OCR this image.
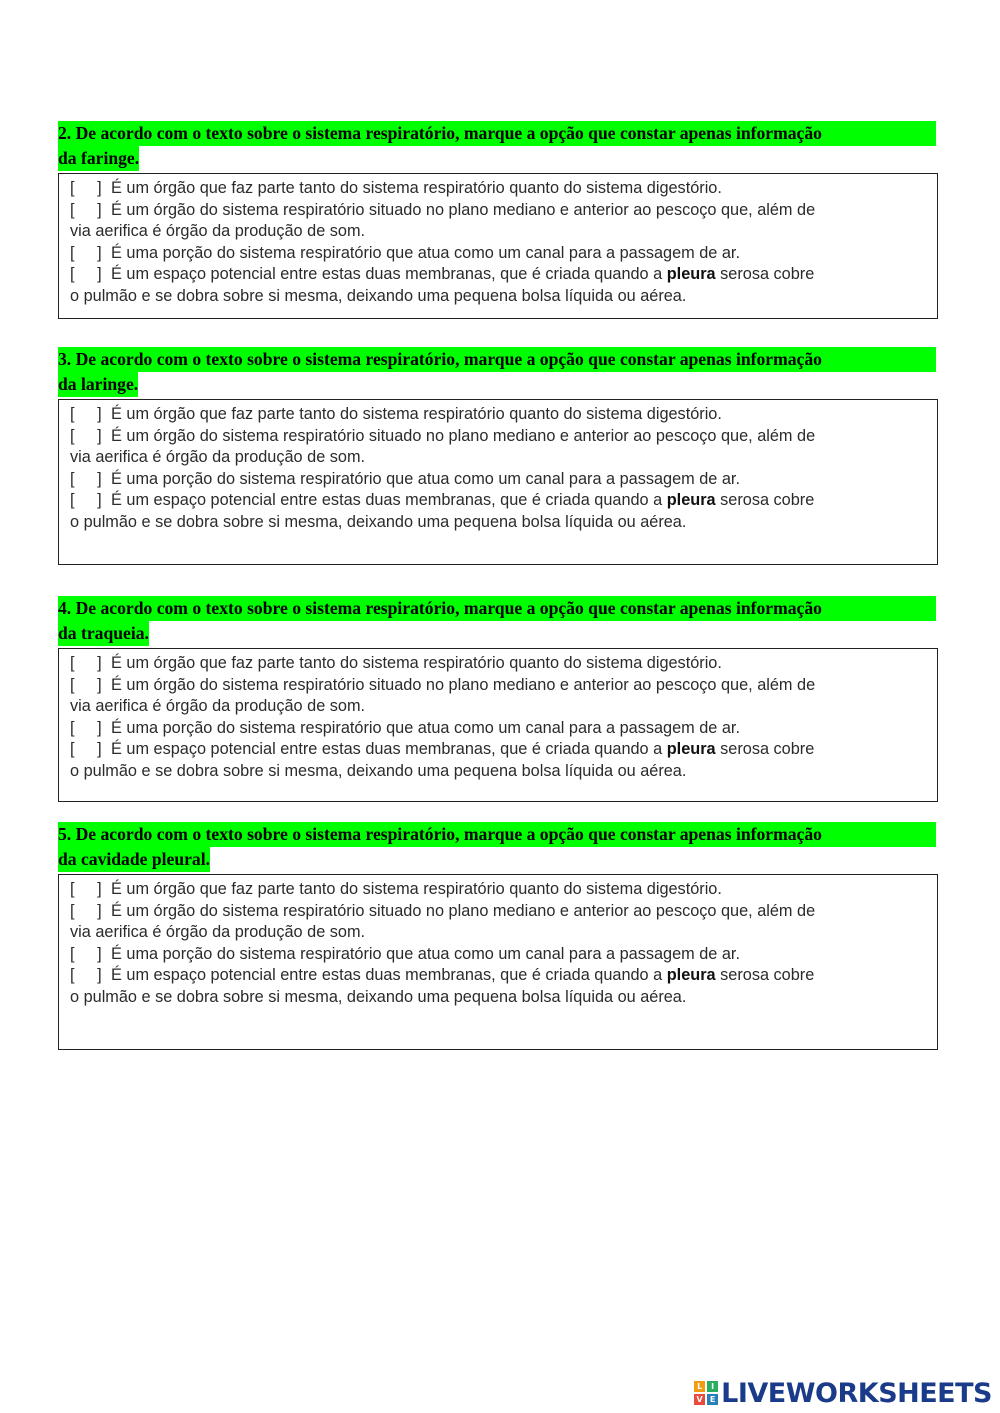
2. De acordo com o texto sobre o sistema respiratório, marque a opção que constar apenas informação
da faringe.
[     ] É um órgão que faz parte tanto do sistema respiratório quanto do sistema digestório.
[     ] É um órgão do sistema respiratório situado no plano mediano e anterior ao pescoço que, além de
via aerifica é órgão da produção de som.
[     ] É uma porção do sistema respiratório que atua como um canal para a passagem de ar.
[     ] É um espaço potencial entre estas duas membranas, que é criada quando a pleura serosa cobre
o pulmão e se dobra sobre si mesma, deixando uma pequena bolsa líquida ou aérea.
3. De acordo com o texto sobre o sistema respiratório, marque a opção que constar apenas informação
da laringe.
[     ] É um órgão que faz parte tanto do sistema respiratório quanto do sistema digestório.
[     ] É um órgão do sistema respiratório situado no plano mediano e anterior ao pescoço que, além de
via aerifica é órgão da produção de som.
[     ] É uma porção do sistema respiratório que atua como um canal para a passagem de ar.
[     ] É um espaço potencial entre estas duas membranas, que é criada quando a pleura serosa cobre
o pulmão e se dobra sobre si mesma, deixando uma pequena bolsa líquida ou aérea.
4. De acordo com o texto sobre o sistema respiratório, marque a opção que constar apenas informação
da traqueia.
[     ] É um órgão que faz parte tanto do sistema respiratório quanto do sistema digestório.
[     ] É um órgão do sistema respiratório situado no plano mediano e anterior ao pescoço que, além de
via aerifica é órgão da produção de som.
[     ] É uma porção do sistema respiratório que atua como um canal para a passagem de ar.
[     ] É um espaço potencial entre estas duas membranas, que é criada quando a pleura serosa cobre
o pulmão e se dobra sobre si mesma, deixando uma pequena bolsa líquida ou aérea.
5. De acordo com o texto sobre o sistema respiratório, marque a opção que constar apenas informação
da cavidade pleural.
[     ] É um órgão que faz parte tanto do sistema respiratório quanto do sistema digestório.
[     ] É um órgão do sistema respiratório situado no plano mediano e anterior ao pescoço que, além de
via aerifica é órgão da produção de som.
[     ] É uma porção do sistema respiratório que atua como um canal para a passagem de ar.
[     ] É um espaço potencial entre estas duas membranas, que é criada quando a pleura serosa cobre
o pulmão e se dobra sobre si mesma, deixando uma pequena bolsa líquida ou aérea.
L	I
V E LIVEWORKSHEETS
